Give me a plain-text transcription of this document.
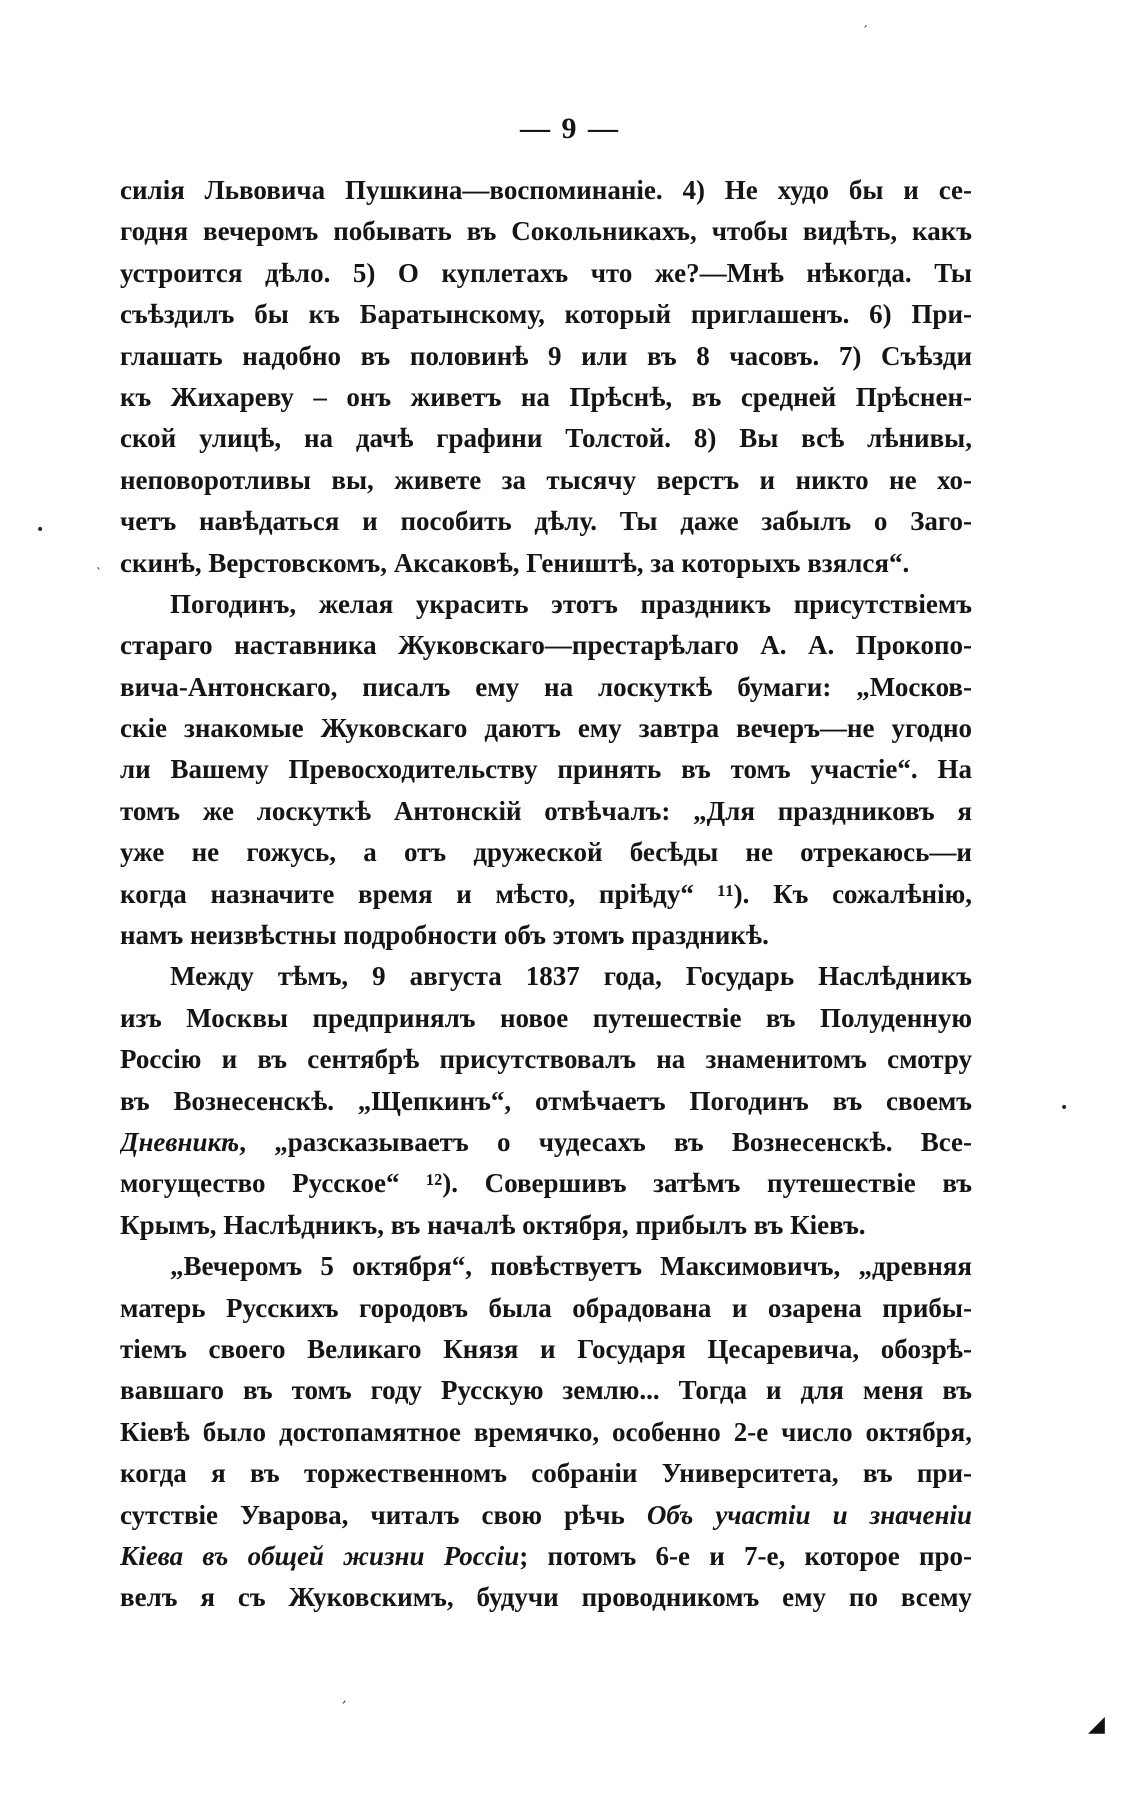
— 9 —
силія Львовича Пушкина—воспоминаніе. 4) Не худо бы и се-
годня вечеромъ побывать въ Сокольникахъ, чтобы видѣть, какъ
устроится дѣло. 5) О куплетахъ что же?—Мнѣ нѣкогда. Ты
съѣздилъ бы къ Баратынскому, который приглашенъ. 6) При-
глашать надобно въ половинѣ 9 или въ 8 часовъ. 7) Съѣзди
къ Жихареву – онъ живетъ на Прѣснѣ, въ средней Прѣснен-
ской улицѣ, на дачѣ графини Толстой. 8) Вы всѣ лѣнивы,
неповоротливы вы, живете за тысячу верстъ и никто не хо-
четъ навѣдаться и пособить дѣлу. Ты даже забылъ о Заго-
скинѣ, Верстовскомъ, Аксаковѣ, Геништѣ, за которыхъ взялся“.
Погодинъ, желая украсить этотъ праздникъ присутствіемъ
стараго наставника Жуковскаго—престарѣлаго А. А. Прокопо-
вича-Антонскаго, писалъ ему на лоскуткѣ бумаги: „Москов-
скіе знакомые Жуковскаго даютъ ему завтра вечеръ—не угодно
ли Вашему Превосходительству принять въ томъ участіе“. На
томъ же лоскуткѣ Антонскій отвѣчалъ: „Для праздниковъ я
уже не гожусь, а отъ дружеской бесѣды не отрекаюсь—и
когда назначите время и мѣсто, пріѣду“ ¹¹). Къ сожалѣнію,
намъ неизвѣстны подробности объ этомъ праздникѣ.
Между тѣмъ, 9 августа 1837 года, Государь Наслѣдникъ
изъ Москвы предпринялъ новое путешествіе въ Полуденную
Россію и въ сентябрѣ присутствовалъ на знаменитомъ смотру
въ Вознесенскѣ. „Щепкинъ“, отмѣчаетъ Погодинъ въ своемъ
Дневникѣ, „разсказываетъ о чудесахъ въ Вознесенскѣ. Все-
могущество Русское“ ¹²). Совершивъ затѣмъ путешествіе въ
Крымъ, Наслѣдникъ, въ началѣ октября, прибылъ въ Кіевъ.
„Вечеромъ 5 октября“, повѣствуетъ Максимовичъ, „древняя
матерь Русскихъ городовъ была обрадована и озарена прибы-
тіемъ своего Великаго Князя и Государя Цесаревича, обозрѣ-
вавшаго въ томъ году Русскую землю... Тогда и для меня въ
Кіевѣ было достопамятное времячко, особенно 2-е число октября,
когда я въ торжественномъ собраніи Университета, въ при-
сутствіе Уварова, читалъ свою рѣчь Объ участіи и значеніи
Кіева въ общей жизни Россіи; потомъ 6-е и 7-е, которое про-
велъ я съ Жуковскимъ, будучи проводникомъ ему по всему
ˊ
•
ˋ
•
ˏ
◢
